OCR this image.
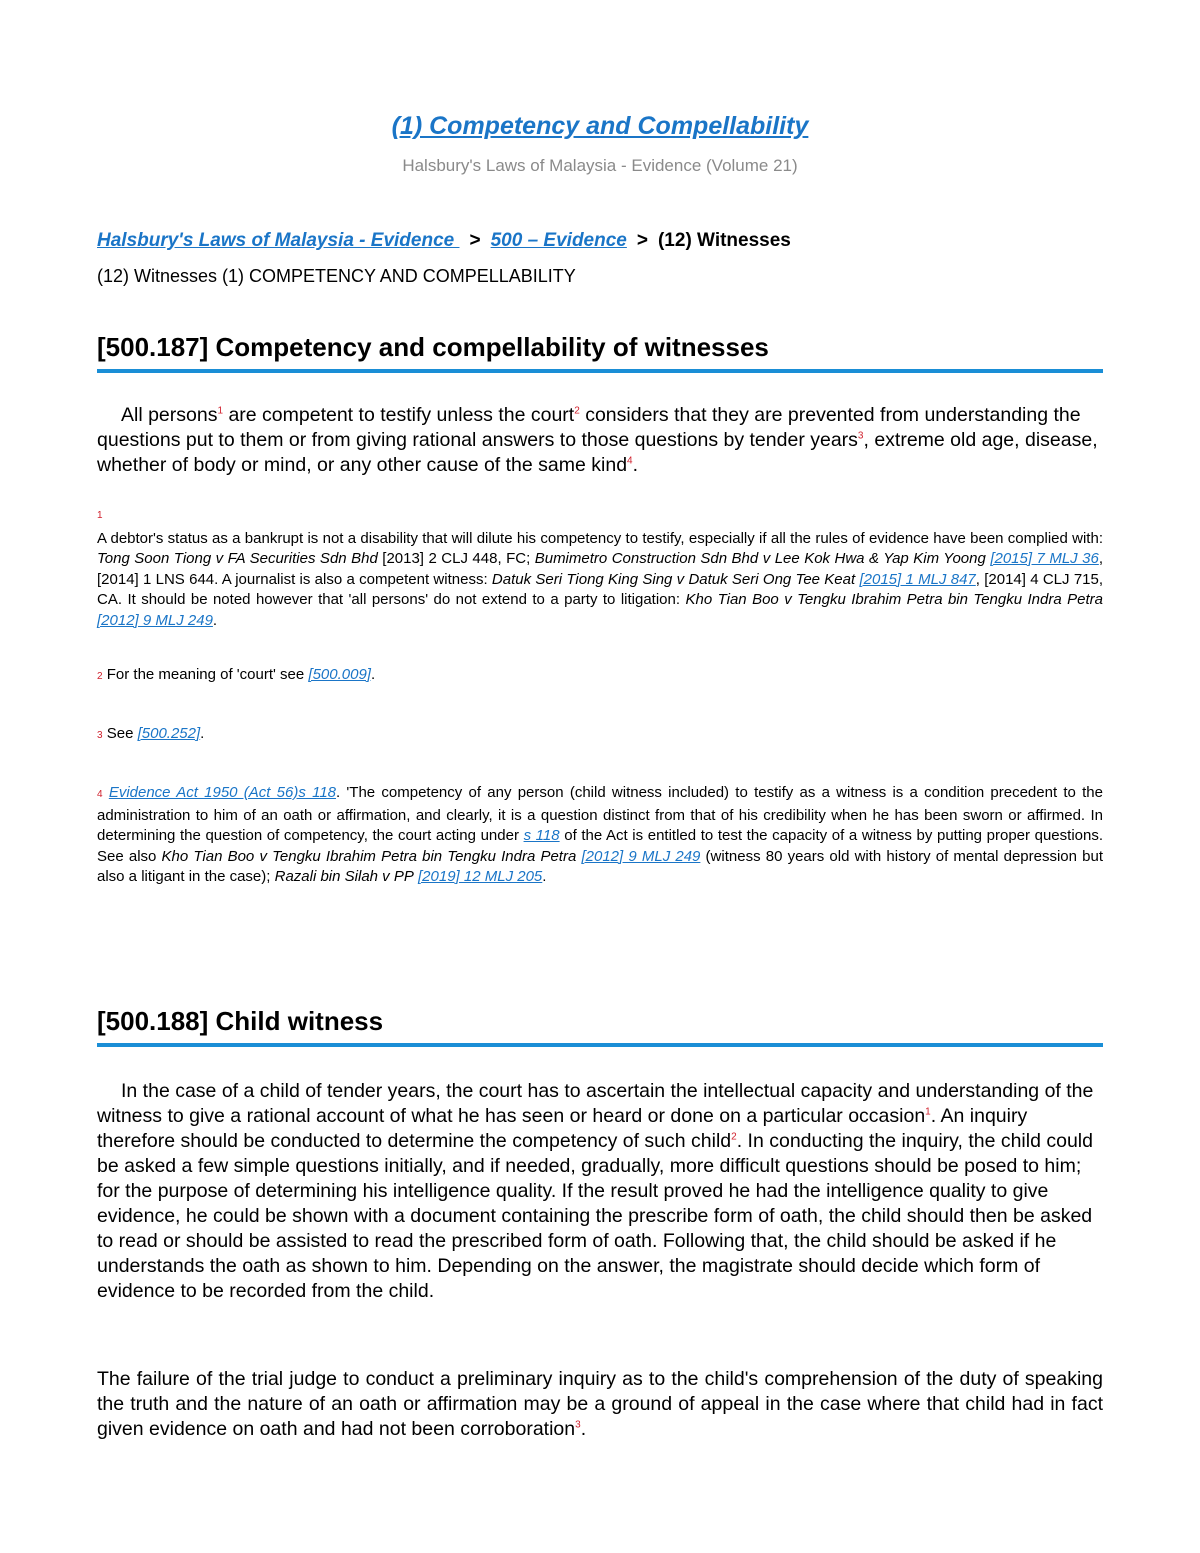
(1) Competency and Compellability
Halsbury's Laws of Malaysia - Evidence (Volume 21)
Halsbury's Laws of Malaysia - Evidence > 500 – Evidence > (12) Witnesses
(12) Witnesses (1) COMPETENCY AND COMPELLABILITY
[500.187] Competency and compellability of witnesses

All persons$^1$ are competent to testify unless the court$^2$ considers that they are prevented from understanding the questions put to them or from giving rational answers to those questions by tender years$^3$, extreme old age, disease, whether of body or mind, or any other cause of the same kind$^4$.

1
A debtor's status as a bankrupt is not a disability that will dilute his competency to testify, especially if all the rules of evidence have been complied with: Tong Soon Tiong v FA Securities Sdn Bhd [2013] 2 CLJ 448, FC; Bumimetro Construction Sdn Bhd v Lee Kok Hwa & Yap Kim Yoong [2015] 7 MLJ 36, [2014] 1 LNS 644. A journalist is also a competent witness: Datuk Seri Tiong King Sing v Datuk Seri Ong Tee Keat [2015] 1 MLJ 847, [2014] 4 CLJ 715, CA. It should be noted however that 'all persons' do not extend to a party to litigation: Kho Tian Boo v Tengku Ibrahim Petra bin Tengku Indra Petra [2012] 9 MLJ 249.
2 For the meaning of 'court' see [500.009].
3 See [500.252].
4 Evidence Act 1950 (Act 56)s 118. 'The competency of any person (child witness included) to testify as a witness is a condition precedent to the administration to him of an oath or affirmation, and clearly, it is a question distinct from that of his credibility when he has been sworn or affirmed. In determining the question of competency, the court acting under s 118 of the Act is entitled to test the capacity of a witness by putting proper questions. See also Kho Tian Boo v Tengku Ibrahim Petra bin Tengku Indra Petra [2012] 9 MLJ 249 (witness 80 years old with history of mental depression but also a litigant in the case); Razali bin Silah v PP [2019] 12 MLJ 205.
[500.188] Child witness

In the case of a child of tender years, the court has to ascertain the intellectual capacity and understanding of the witness to give a rational account of what he has seen or heard or done on a particular occasion$^1$. An inquiry therefore should be conducted to determine the competency of such child$^2$. In conducting the inquiry, the child could be asked a few simple questions initially, and if needed, gradually, more difficult questions should be posed to him; for the purpose of determining his intelligence quality. If the result proved he had the intelligence quality to give evidence, he could be shown with a document containing the prescribe form of oath, the child should then be asked to read or should be assisted to read the prescribed form of oath. Following that, the child should be asked if he understands the oath as shown to him. Depending on the answer, the magistrate should decide which form of evidence to be recorded from the child.

The failure of the trial judge to conduct a preliminary inquiry as to the child's comprehension of the duty of speaking the truth and the nature of an oath or affirmation may be a ground of appeal in the case where that child had in fact given evidence on oath and had not been corroboration$^3$.
